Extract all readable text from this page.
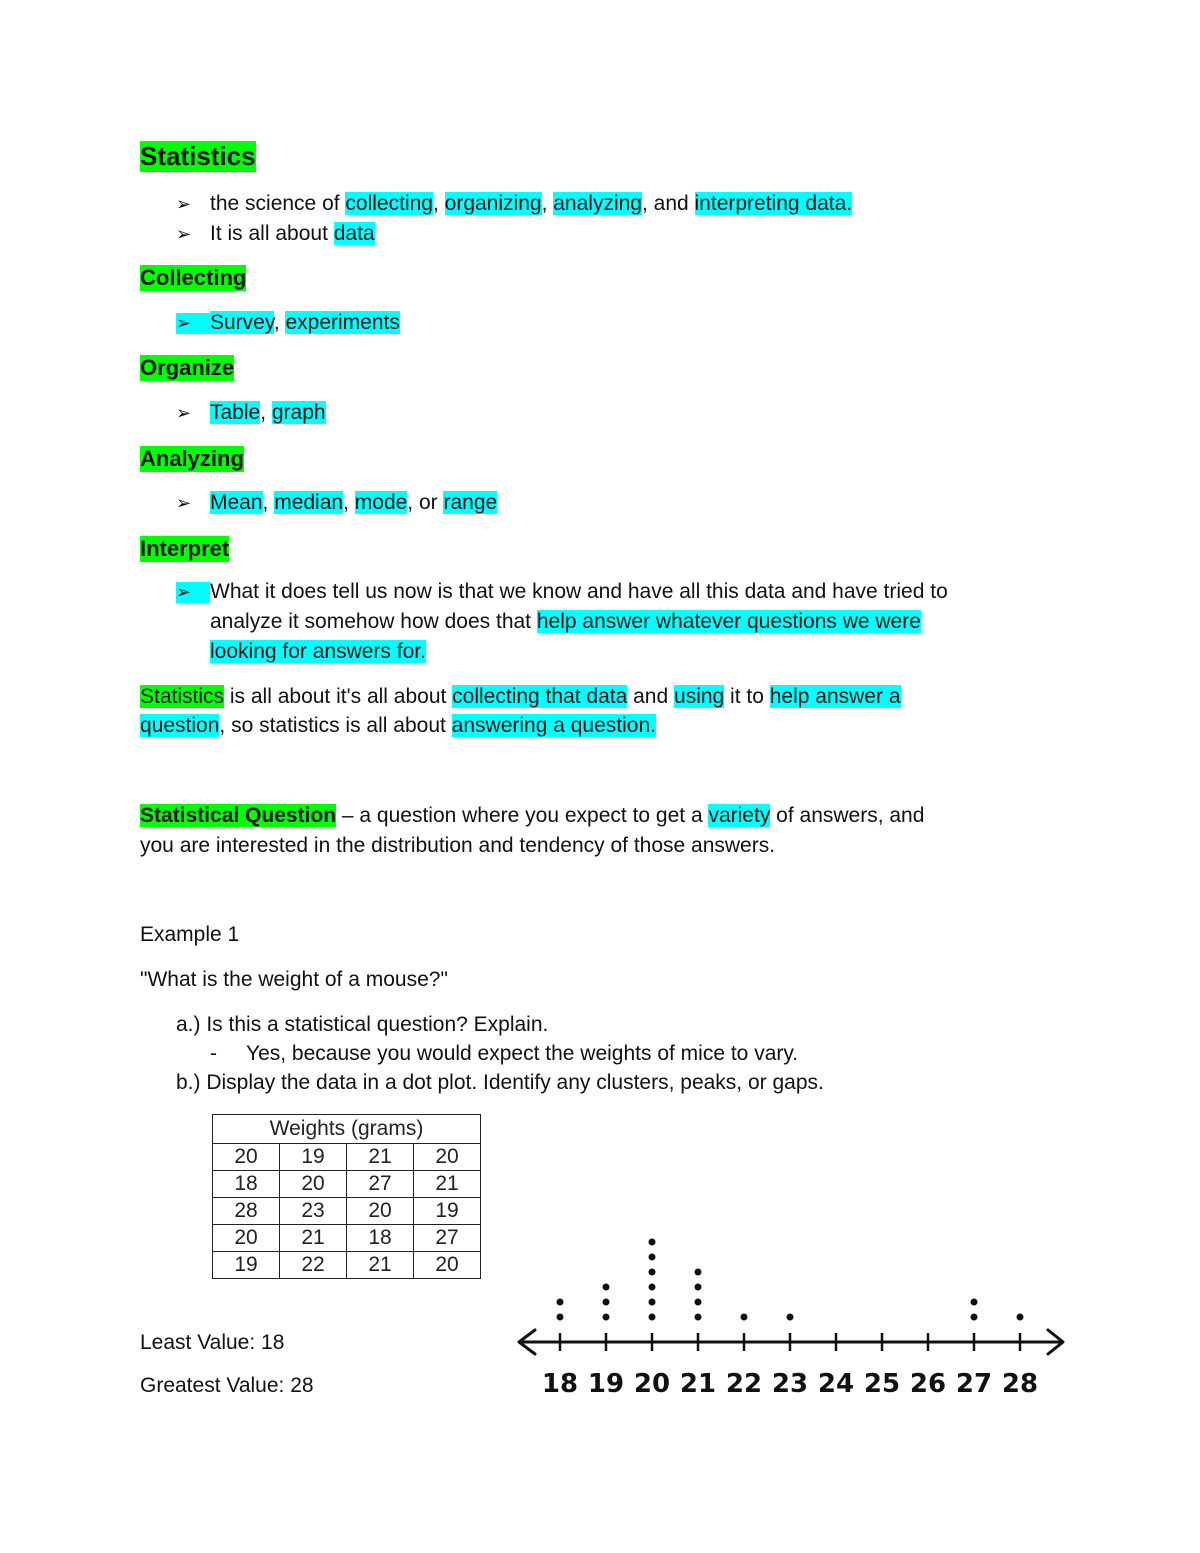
Statistics
➢ the science of collecting, organizing, analyzing, and interpreting data.
➢ It is all about data
Collecting
➢ Survey, experiments
Organize
➢ Table, graph
Analyzing
➢ Mean, median, mode, or range
Interpret
➢ What it does tell us now is that we know and have all this data and have tried to
analyze it somehow how does that help answer whatever questions we were
looking for answers for.
Statistics is all about it's all about collecting that data and using it to help answer a
question, so statistics is all about answering a question.
Statistical Question – a question where you expect to get a variety of answers, and
you are interested in the distribution and tendency of those answers.
Example 1
"What is the weight of a mouse?"
a.) Is this a statistical question? Explain.
- Yes, because you would expect the weights of mice to vary.
b.) Display the data in a dot plot. Identify any clusters, peaks, or gaps.
Weights (grams)			
20	19	21	20
18	20	27	21
28	23	20	19
20	21	18	27
19	22	21	20
Least Value: 18
Greatest Value: 28	18 19 20 21 22 23 24 25 26 27 28
